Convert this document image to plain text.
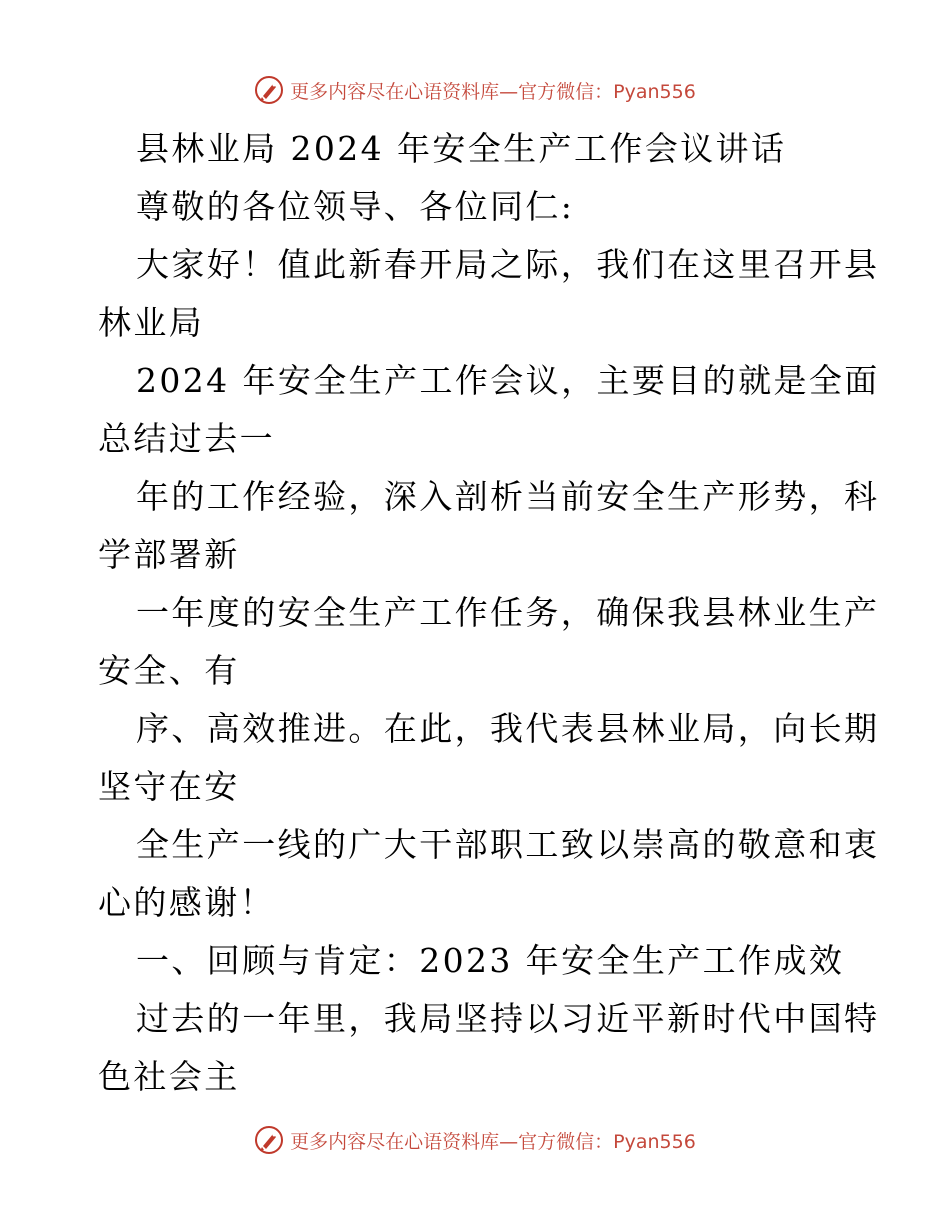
更多内容尽在心语资料库—官方微信：Pyan556
县林业局 2024 年安全生产工作会议讲话
尊敬的各位领导、各位同仁:
大家好！值此新春开局之际，我们在这里召开县
林业局
2024 年安全生产工作会议，主要目的就是全面
总结过去一
年的工作经验，深入剖析当前安全生产形势，科
学部署新
一年度的安全生产工作任务，确保我县林业生产
安全、有
序、高效推进。在此，我代表县林业局，向长期
坚守在安
全生产一线的广大干部职工致以崇高的敬意和衷
心的感谢！
一、回顾与肯定：2023 年安全生产工作成效
过去的一年里，我局坚持以习近平新时代中国特
色社会主
更多内容尽在心语资料库—官方微信：Pyan556
